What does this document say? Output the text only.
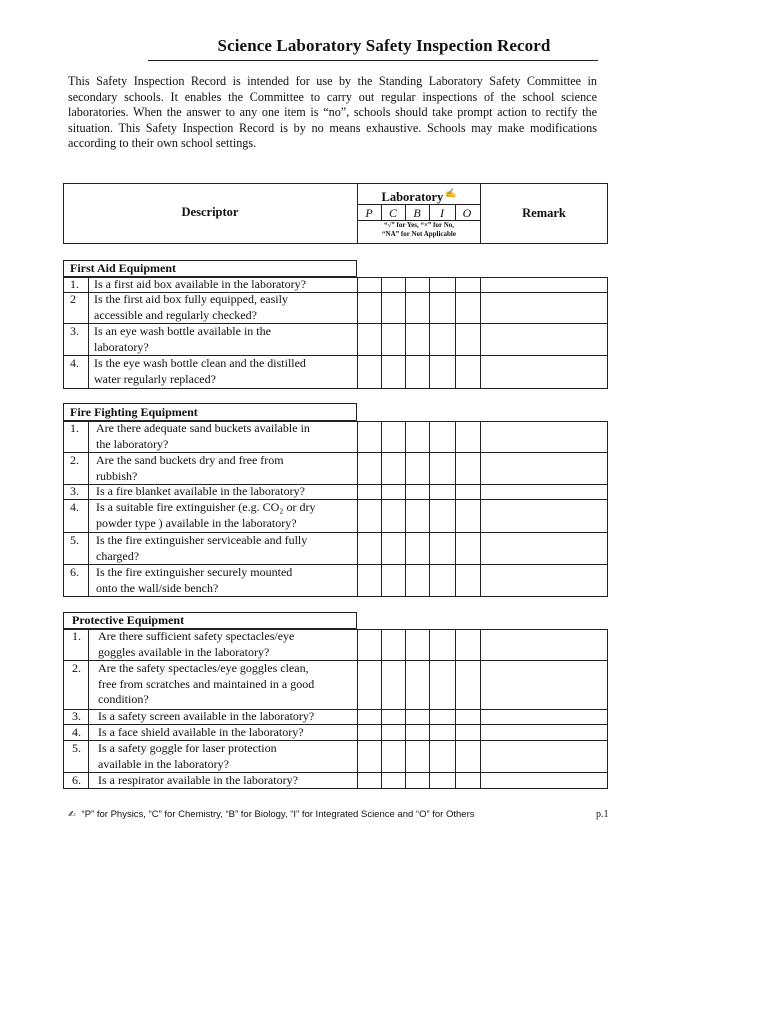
Science Laboratory Safety Inspection Record

This Safety Inspection Record is intended for use by the Standing Laboratory Safety Committee in secondary schools. It enables the Committee to carry out regular inspections of the school science laboratories. When the answer to any one item is “no”, schools should take prompt action to rectify the situation. This Safety Inspection Record is by no means exhaustive. Schools may make modifications according to their own school settings.

Descriptor
Laboratory ✍
P	C	B	I	O
“√” for Yes, “×” for No,
“NA” for Not Applicable
Remark
First Aid Equipment
1. Is a first aid box available in the laboratory?
2 Is the first aid box fully equipped, easily
accessible and regularly checked?
3. Is an eye wash bottle available in the
laboratory?
4. Is the eye wash bottle clean and the distilled
water regularly replaced?
Fire Fighting Equipment
1. Are there adequate sand buckets available in
the laboratory?
2. Are the sand buckets dry and free from
rubbish?
3. Is a fire blanket available in the laboratory?
4. Is a suitable fire extinguisher (e.g. CO₂ or dry
powder type ) available in the laboratory?
5. Is the fire extinguisher serviceable and fully
charged?
6. Is the fire extinguisher securely mounted
onto the wall/side bench?
Protective Equipment
1. Are there sufficient safety spectacles/eye
goggles available in the laboratory?
2. Are the safety spectacles/eye goggles clean,
free from scratches and maintained in a good
condition?
3. Is a safety screen available in the laboratory?
4. Is a face shield available in the laboratory?
5. Is a safety goggle for laser protection
available in the laboratory?
6. Is a respirator available in the laboratory?
✍ “P” for Physics, “C” for Chemistry, “B” for Biology, “I” for Integrated Science and “O” for Others	p.1
